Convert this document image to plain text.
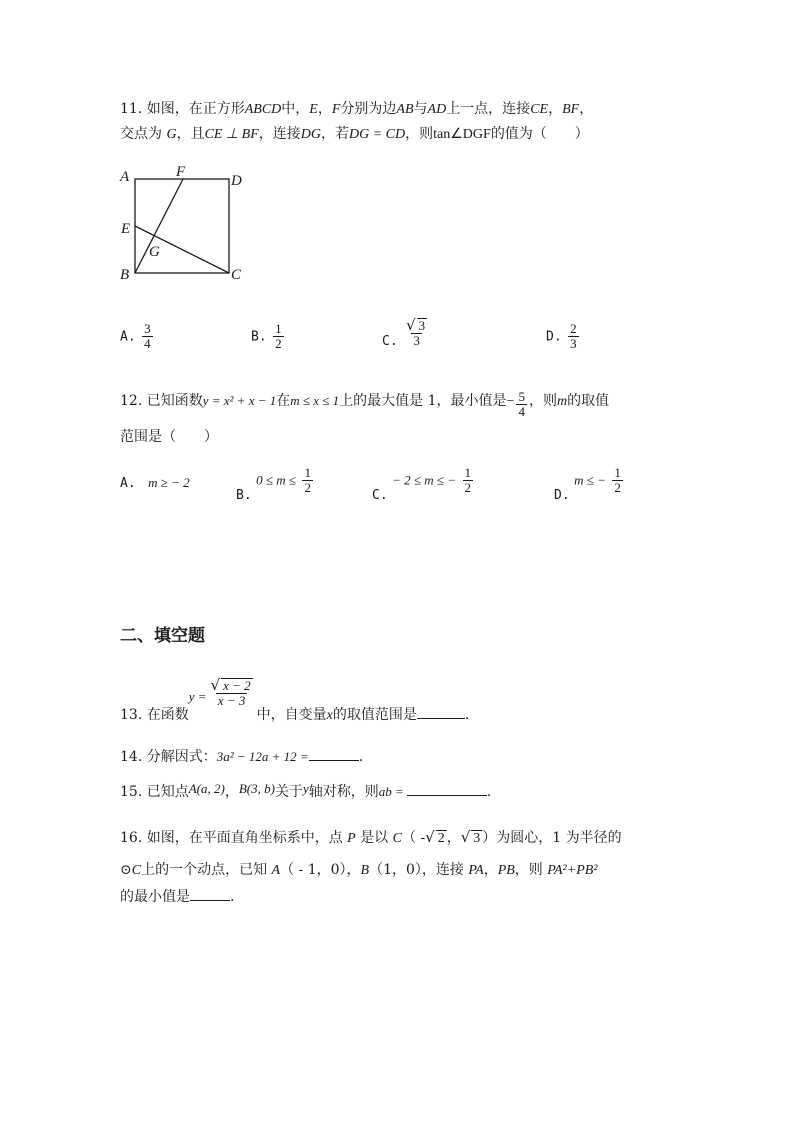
11. 如图，在正方形ABCD中，E，F分别为边AB与AD上一点，连接CE，BF，
交点为 G，且CE ⊥ BF，连接DG，若DG = CD，则tan∠DGF的值为（　　）
A	F
D
E
G
B	C
A. $\frac{3}{4}$	B. $\frac{1}{2}$	C. $\frac{√ 3}{3}$	D. $\frac{2}{3}$
12. 已知函数y = x² + x − 1在m ≤ x ≤ 1上的最大值是 1，最小值是− $\frac{5}{4}$ ，则m的取值
范围是（　　）
A. m ≥ − 2
B. $0 \le m \le \frac{1}{2}$	C. − 2 ≤ m ≤ − $\frac{1}{2}$	D. m ≤ − $\frac{1}{2}$
二、填空题
13. 在函数$y = \frac{√ x - 2}{x - 3}$
中，自变量x的取值范围是	.
14. 分解因式：3a² − 12a + 12 =	.
15. 已知点A(a, 2)，B(3, b)关于y轴对称，则ab =	.
16. 如图，在平面直角坐标系中，点 P 是以 C（ -√ 2 ，√ 3 ）为圆心，1 为半径的
⊙C上的一个动点，已知 A（ - 1，0），B（1，0），连接 PA，PB，则 PA²+PB²
的最小值是	.
